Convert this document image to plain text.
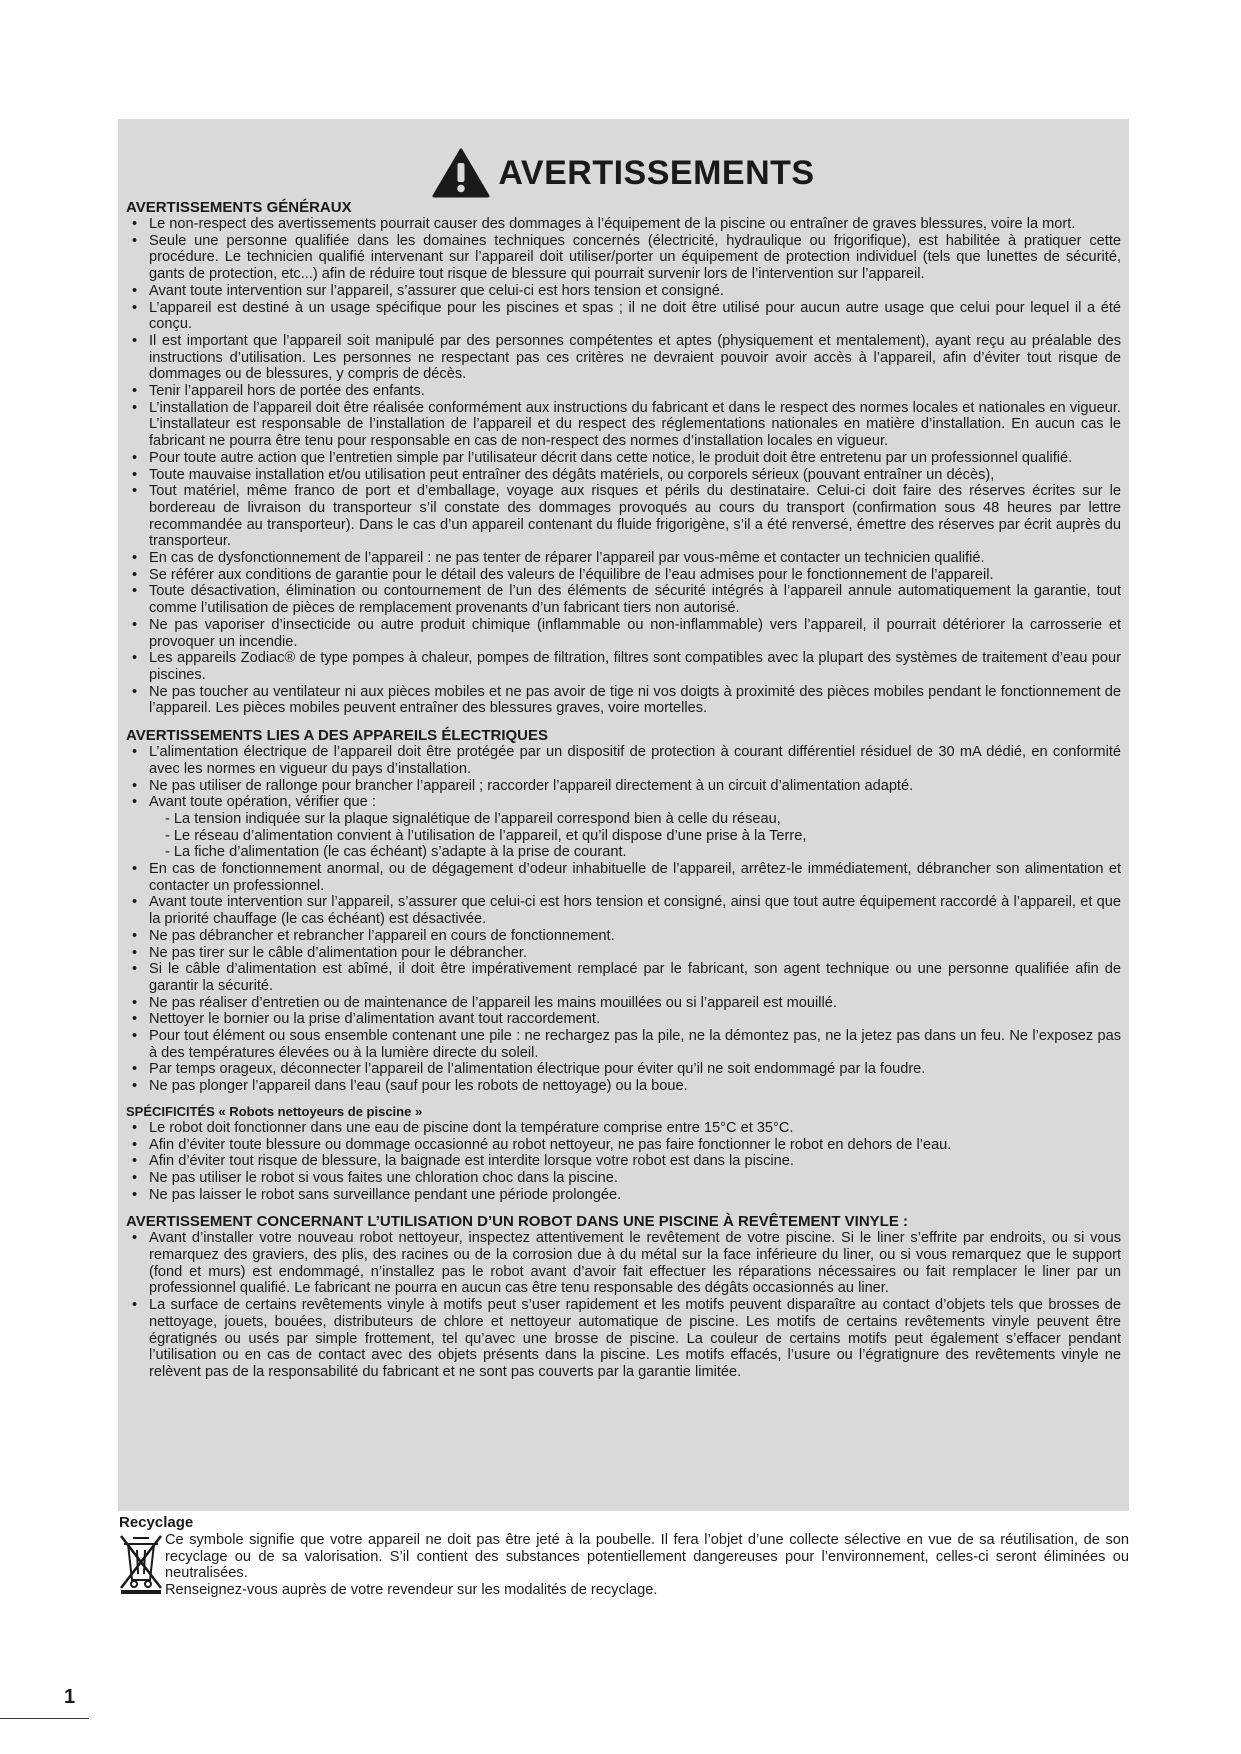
AVERTISSEMENTS
AVERTISSEMENTS GÉNÉRAUX
• Le non-respect des avertissements pourrait causer des dommages à l’équipement de la piscine ou entraîner de graves blessures, voire la mort.
• Seule une personne qualifiée dans les domaines techniques concernés (électricité, hydraulique ou frigorifique), est habilitée à pratiquer cette procédure. Le technicien qualifié intervenant sur l’appareil doit utiliser/porter un équipement de protection individuel (tels que lunettes de sécurité, gants de protection, etc...) afin de réduire tout risque de blessure qui pourrait survenir lors de l’intervention sur l’appareil.
• Avant toute intervention sur l’appareil, s’assurer que celui-ci est hors tension et consigné.
• L’appareil est destiné à un usage spécifique pour les piscines et spas ; il ne doit être utilisé pour aucun autre usage que celui pour lequel il a été conçu.
• Il est important que l’appareil soit manipulé par des personnes compétentes et aptes (physiquement et mentalement), ayant reçu au préalable des instructions d’utilisation. Les personnes ne respectant pas ces critères ne devraient pouvoir avoir accès à l’appareil, afin d’éviter tout risque de dommages ou de blessures, y compris de décès.
• Tenir l’appareil hors de portée des enfants.
• L’installation de l’appareil doit être réalisée conformément aux instructions du fabricant et dans le respect des normes locales et nationales en vigueur. L’installateur est responsable de l’installation de l’appareil et du respect des réglementations nationales en matière d’installation. En aucun cas le fabricant ne pourra être tenu pour responsable en cas de non-respect des normes d’installation locales en vigueur.
• Pour toute autre action que l’entretien simple par l’utilisateur décrit dans cette notice, le produit doit être entretenu par un professionnel qualifié.
• Toute mauvaise installation et/ou utilisation peut entraîner des dégâts matériels, ou corporels sérieux (pouvant entraîner un décès),
• Tout matériel, même franco de port et d’emballage, voyage aux risques et périls du destinataire. Celui-ci doit faire des réserves écrites sur le bordereau de livraison du transporteur s’il constate des dommages provoqués au cours du transport (confirmation sous 48 heures par lettre recommandée au transporteur). Dans le cas d’un appareil contenant du fluide frigorigène, s’il a été renversé, émettre des réserves par écrit auprès du transporteur.
• En cas de dysfonctionnement de l’appareil : ne pas tenter de réparer l’appareil par vous-même et contacter un technicien qualifié.
• Se référer aux conditions de garantie pour le détail des valeurs de l’équilibre de l’eau admises pour le fonctionnement de l’appareil.
• Toute désactivation, élimination ou contournement de l’un des éléments de sécurité intégrés à l’appareil annule automatiquement la garantie, tout comme l’utilisation de pièces de remplacement provenants d’un fabricant tiers non autorisé.
• Ne pas vaporiser d’insecticide ou autre produit chimique (inflammable ou non-inflammable) vers l’appareil, il pourrait détériorer la carrosserie et provoquer un incendie.
• Les appareils Zodiac® de type pompes à chaleur, pompes de filtration, filtres sont compatibles avec la plupart des systèmes de traitement d’eau pour piscines.
• Ne pas toucher au ventilateur ni aux pièces mobiles et ne pas avoir de tige ni vos doigts à proximité des pièces mobiles pendant le fonctionnement de l’appareil. Les pièces mobiles peuvent entraîner des blessures graves, voire mortelles.
AVERTISSEMENTS LIES A DES APPAREILS ÉLECTRIQUES
• L’alimentation électrique de l’appareil doit être protégée par un dispositif de protection à courant différentiel résiduel de 30 mA dédié, en conformité avec les normes en vigueur du pays d’installation.
• Ne pas utiliser de rallonge pour brancher l’appareil ; raccorder l’appareil directement à un circuit d’alimentation adapté.
• Avant toute opération, vérifier que :
- La tension indiquée sur la plaque signalétique de l’appareil correspond bien à celle du réseau,
- Le réseau d’alimentation convient à l’utilisation de l’appareil, et qu’il dispose d’une prise à la Terre,
- La fiche d’alimentation (le cas échéant) s’adapte à la prise de courant.
• En cas de fonctionnement anormal, ou de dégagement d’odeur inhabituelle de l’appareil, arrêtez-le immédiatement, débrancher son alimentation et contacter un professionnel.
• Avant toute intervention sur l’appareil, s’assurer que celui-ci est hors tension et consigné, ainsi que tout autre équipement raccordé à l’appareil, et que la priorité chauffage (le cas échéant) est désactivée.
• Ne pas débrancher et rebrancher l’appareil en cours de fonctionnement.
• Ne pas tirer sur le câble d’alimentation pour le débrancher.
• Si le câble d’alimentation est abîmé, il doit être impérativement remplacé par le fabricant, son agent technique ou une personne qualifiée afin de garantir la sécurité.
• Ne pas réaliser d’entretien ou de maintenance de l’appareil les mains mouillées ou si l’appareil est mouillé.
• Nettoyer le bornier ou la prise d’alimentation avant tout raccordement.
• Pour tout élément ou sous ensemble contenant une pile : ne rechargez pas la pile, ne la démontez pas, ne la jetez pas dans un feu. Ne l’exposez pas à des températures élevées ou à la lumière directe du soleil.
• Par temps orageux, déconnecter l’appareil de l’alimentation électrique pour éviter qu’il ne soit endommagé par la foudre.
• Ne pas plonger l’appareil dans l’eau (sauf pour les robots de nettoyage) ou la boue.
SPÉCIFICITÉS « Robots nettoyeurs de piscine »
• Le robot doit fonctionner dans une eau de piscine dont la température comprise entre 15°C et 35°C.
• Afin d’éviter toute blessure ou dommage occasionné au robot nettoyeur, ne pas faire fonctionner le robot en dehors de l’eau.
• Afin d’éviter tout risque de blessure, la baignade est interdite lorsque votre robot est dans la piscine.
• Ne pas utiliser le robot si vous faites une chloration choc dans la piscine.
• Ne pas laisser le robot sans surveillance pendant une période prolongée.
AVERTISSEMENT CONCERNANT L’UTILISATION D’UN ROBOT DANS UNE PISCINE À REVÊTEMENT VINYLE :
• Avant d’installer votre nouveau robot nettoyeur, inspectez attentivement le revêtement de votre piscine. Si le liner s’effrite par endroits, ou si vous remarquez des graviers, des plis, des racines ou de la corrosion due à du métal sur la face inférieure du liner, ou si vous remarquez que le support (fond et murs) est endommagé, n’installez pas le robot avant d’avoir fait effectuer les réparations nécessaires ou fait remplacer le liner par un professionnel qualifié. Le fabricant ne pourra en aucun cas être tenu responsable des dégâts occasionnés au liner.
• La surface de certains revêtements vinyle à motifs peut s’user rapidement et les motifs peuvent disparaître au contact d’objets tels que brosses de nettoyage, jouets, bouées, distributeurs de chlore et nettoyeur automatique de piscine. Les motifs de certains revêtements vinyle peuvent être égratignés ou usés par simple frottement, tel qu’avec une brosse de piscine. La couleur de certains motifs peut également s’effacer pendant l’utilisation ou en cas de contact avec des objets présents dans la piscine. Les motifs effacés, l’usure ou l’égratignure des revêtements vinyle ne relèvent pas de la responsabilité du fabricant et ne sont pas couverts par la garantie limitée.
Recyclage
Ce symbole signifie que votre appareil ne doit pas être jeté à la poubelle. Il fera l’objet d’une collecte sélective en vue de sa réutilisation, de son recyclage ou de sa valorisation. S’il contient des substances potentiellement dangereuses pour l’environnement, celles-ci seront éliminées ou neutralisées.
Renseignez-vous auprès de votre revendeur sur les modalités de recyclage.
1
